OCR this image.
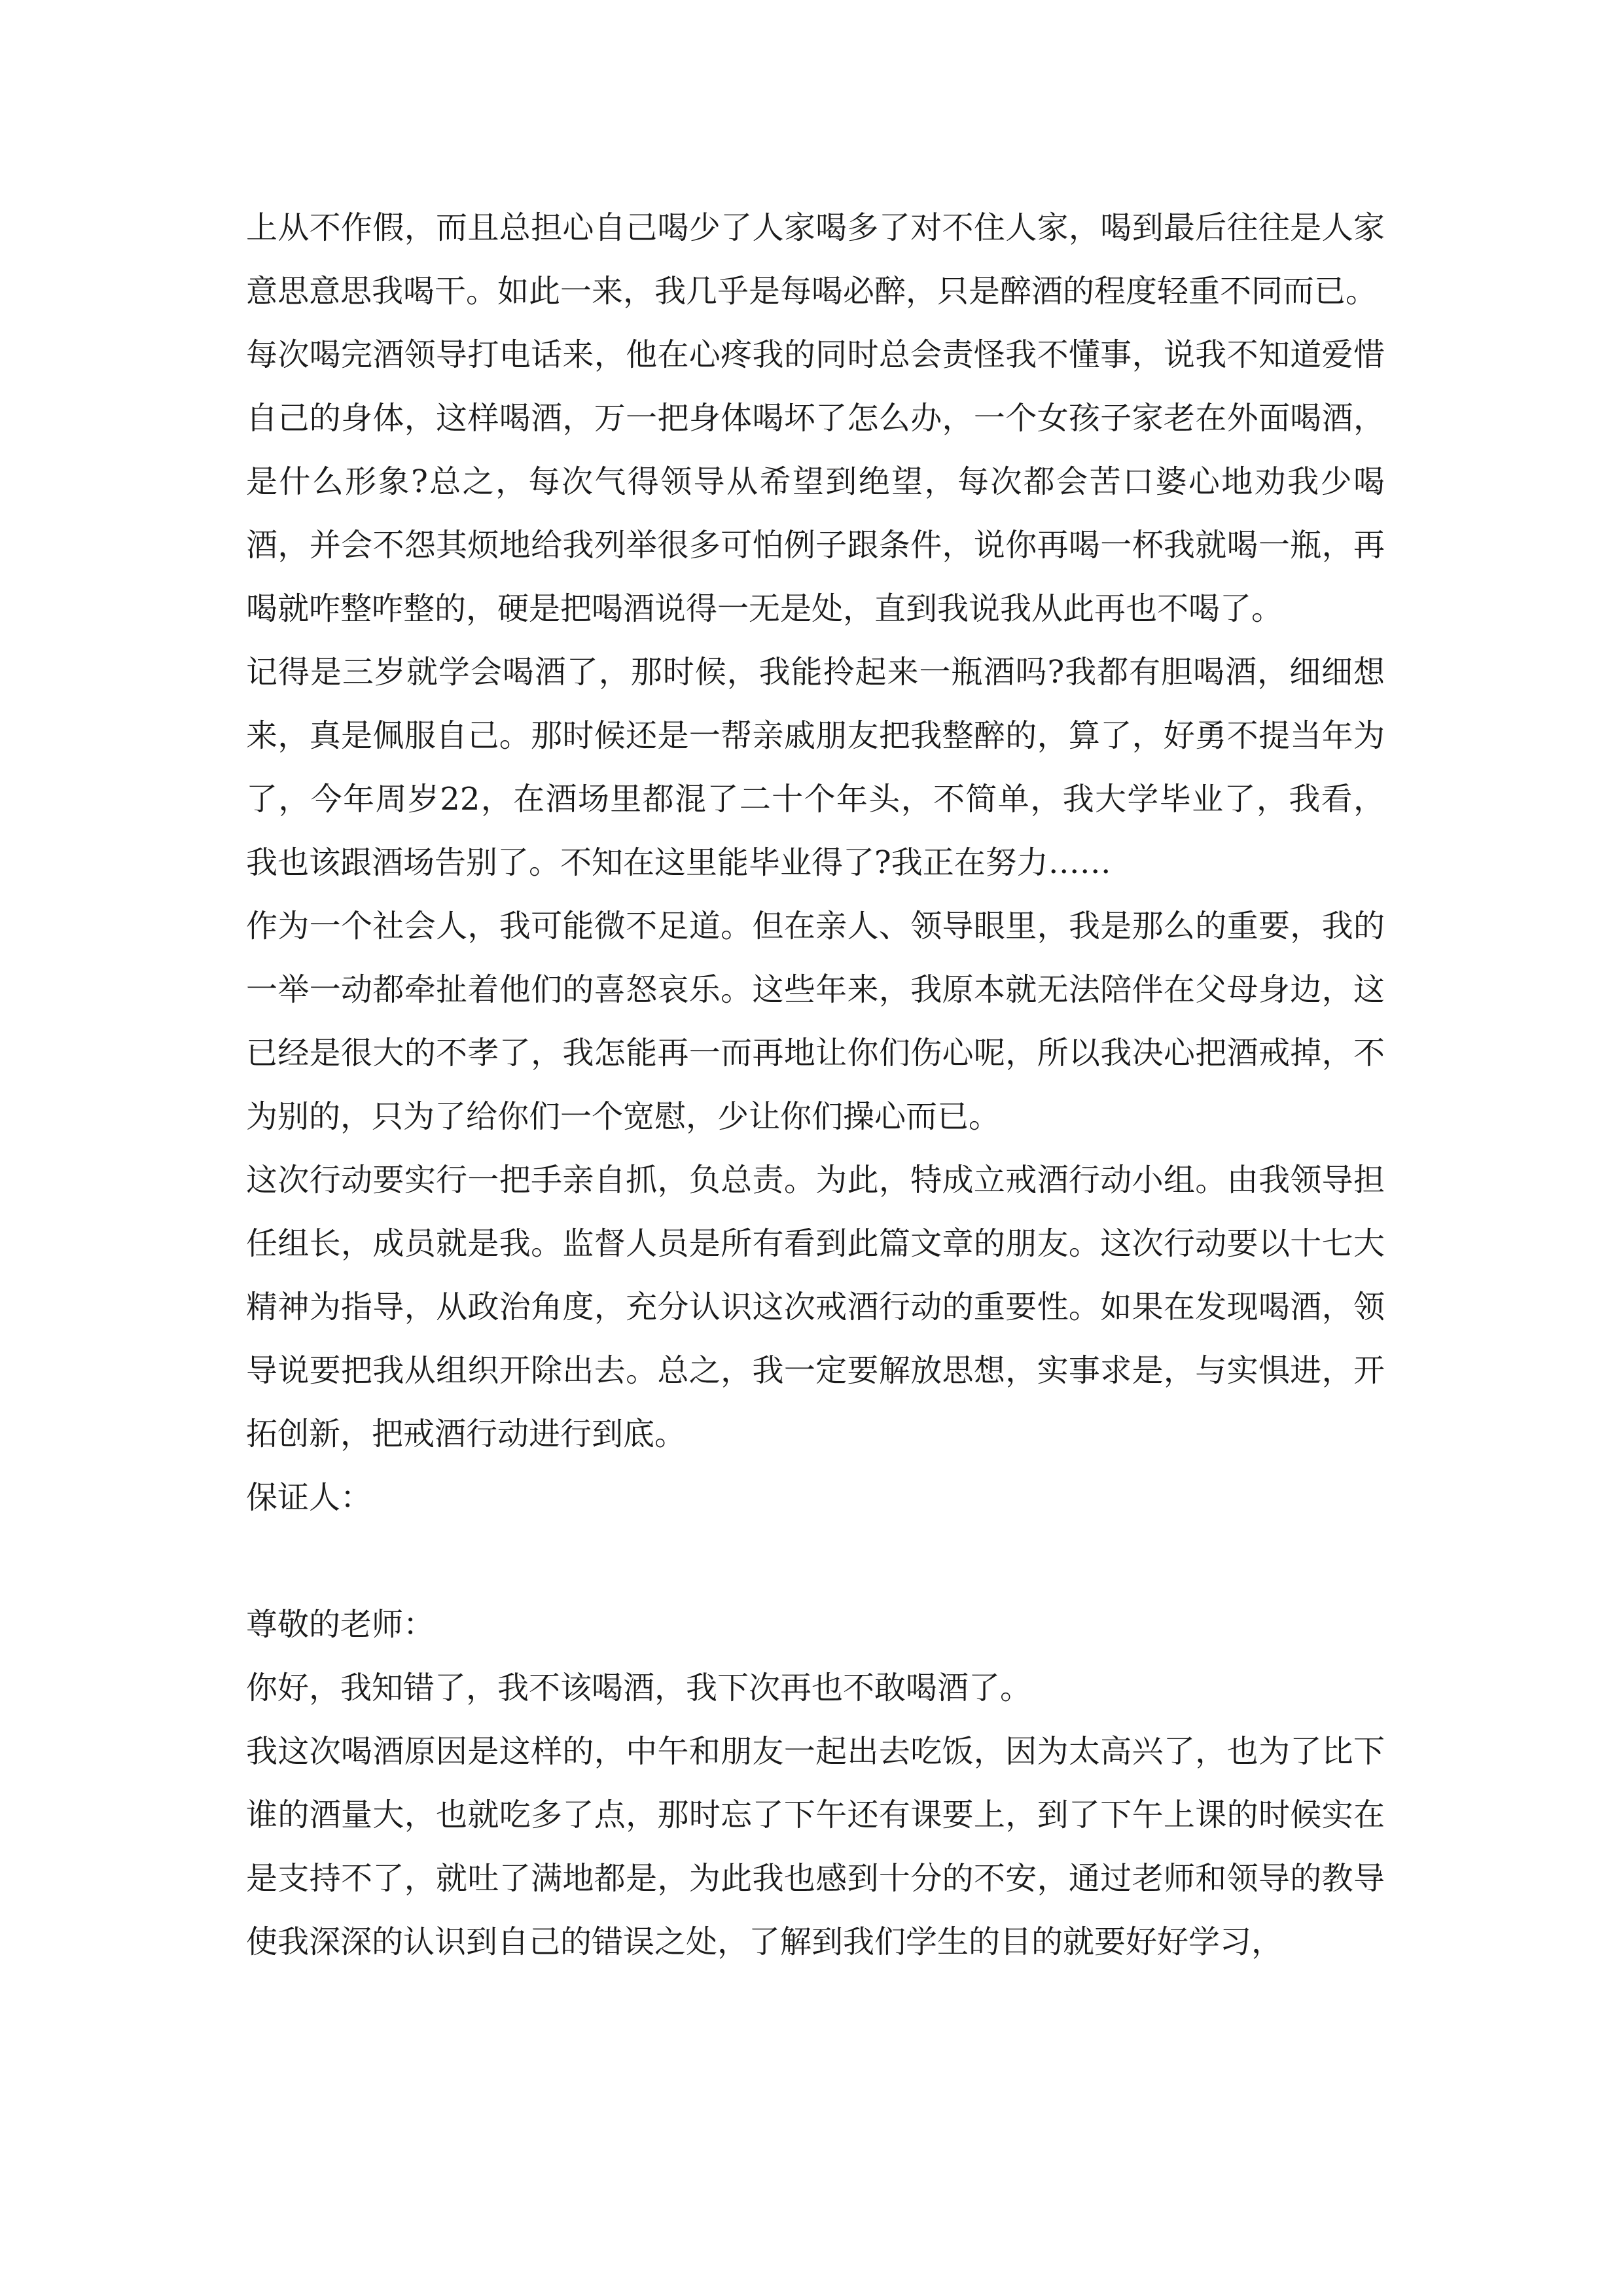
上从不作假，而且总担心自己喝少了人家喝多了对不住人家，喝到最后往往是人家意思意思我喝干。如此一来，我几乎是每喝必醉，只是醉酒的程度轻重不同而已。

每次喝完酒领导打电话来，他在心疼我的同时总会责怪我不懂事，说我不知道爱惜自己的身体，这样喝酒，万一把身体喝坏了怎么办，一个女孩子家老在外面喝酒，是什么形象?总之，每次气得领导从希望到绝望，每次都会苦口婆心地劝我少喝酒，并会不怨其烦地给我列举很多可怕例子跟条件，说你再喝一杯我就喝一瓶，再喝就咋整咋整的，硬是把喝酒说得一无是处，直到我说我从此再也不喝了。

记得是三岁就学会喝酒了，那时候，我能拎起来一瓶酒吗?我都有胆喝酒，细细想来，真是佩服自己。那时候还是一帮亲戚朋友把我整醉的，算了，好勇不提当年为了，今年周岁22，在酒场里都混了二十个年头，不简单，我大学毕业了，我看，我也该跟酒场告别了。不知在这里能毕业得了?我正在努力……

作为一个社会人，我可能微不足道。但在亲人、领导眼里，我是那么的重要，我的一举一动都牵扯着他们的喜怒哀乐。这些年来，我原本就无法陪伴在父母身边，这已经是很大的不孝了，我怎能再一而再地让你们伤心呢，所以我决心把酒戒掉，不为别的，只为了给你们一个宽慰，少让你们操心而已。

这次行动要实行一把手亲自抓，负总责。为此，特成立戒酒行动小组。由我领导担任组长，成员就是我。监督人员是所有看到此篇文章的朋友。这次行动要以十七大精神为指导，从政治角度，充分认识这次戒酒行动的重要性。如果在发现喝酒，领导说要把我从组织开除出去。总之，我一定要解放思想，实事求是，与实惧进，开拓创新，把戒酒行动进行到底。

保证人：

尊敬的老师：

你好，我知错了，我不该喝酒，我下次再也不敢喝酒了。

我这次喝酒原因是这样的，中午和朋友一起出去吃饭，因为太高兴了，也为了比下谁的酒量大，也就吃多了点，那时忘了下午还有课要上，到了下午上课的时候实在是支持不了，就吐了满地都是，为此我也感到十分的不安，通过老师和领导的教导使我深深的认识到自己的错误之处，了解到我们学生的目的就要好好学习，
